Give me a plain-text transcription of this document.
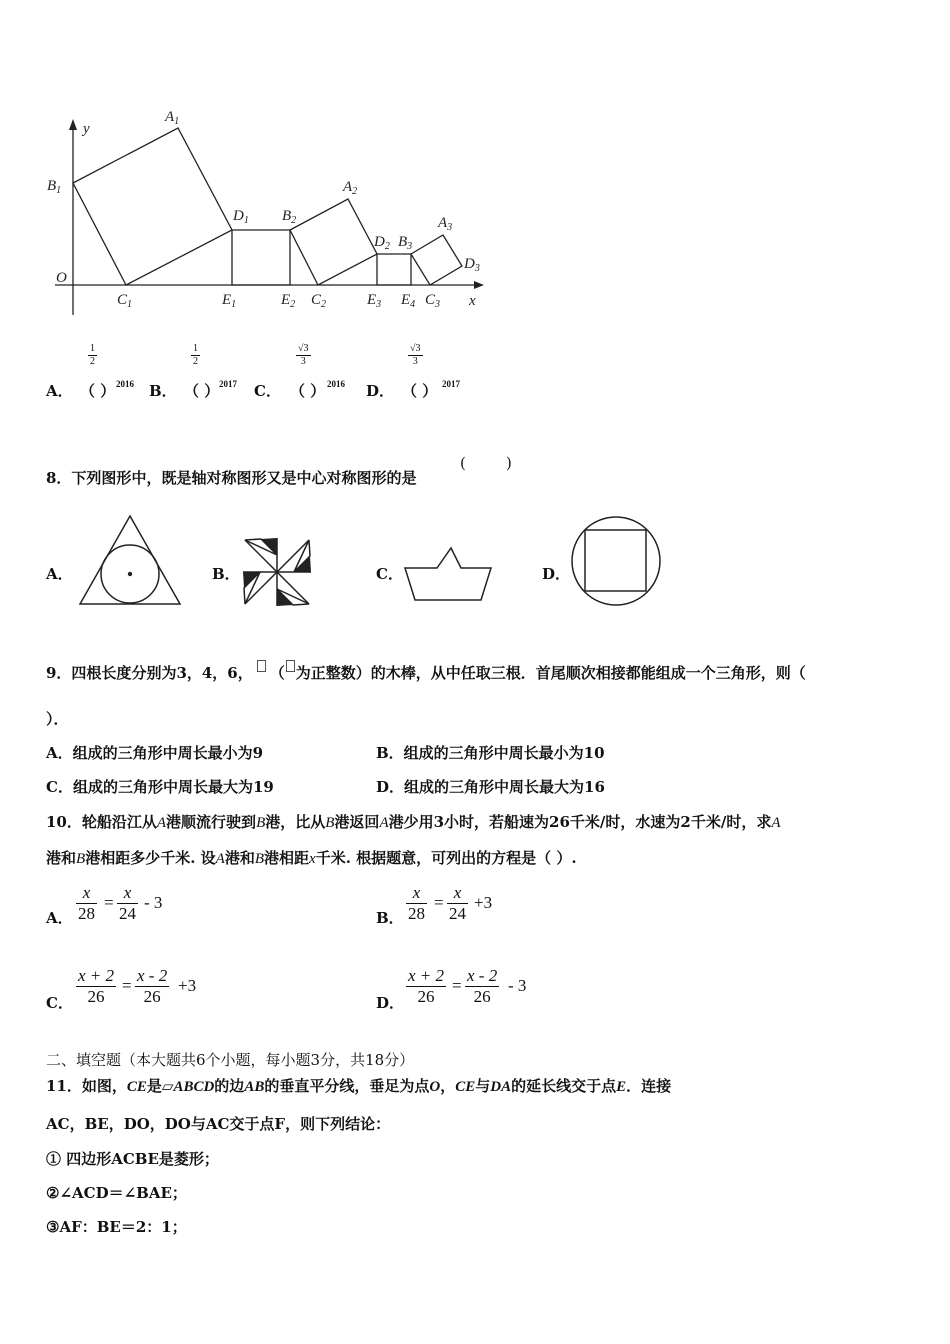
y
x
O
$A_1$
$B_1$
$D_1$ $B_2$
$A_2$
$D_2$ $B_3$
$A_3$
$D_3$
$C_1$	$E_1$	$E_2$ $C_2$	$E_3$ $E_4$ $C_3$
$\frac{1}{2}$
A． （ ） 2016
$\frac{1}{2}$
B． （ ） 2017
$\frac{√3}{3}$
C． （ ） 2016
$\frac{√3}{3}$
D． （ ） 2017
8．下列图形中，既是轴对称图形又是中心对称图形的是
(	)
A．	B．	C．	D．
9．四根长度分别为3，4，6， （ 为正整数）的木棒，从中任取三根．首尾顺次相接都能组成一个三角形，则（
）．
A．组成的三角形中周长最小为9	B．组成的三角形中周长最小为10
C．组成的三角形中周长最大为19	D．组成的三角形中周长最大为16
10．轮船沿江从A港顺流行驶到B港，比从B港返回A港少用3小时，若船速为26千米/时，水速为2千米/时，求A
港和B港相距多少千米. 设A港和B港相距x千米. 根据题意，可列出的方程是（ ）.
A． $\frac{x}{28} = \frac{x}{24} - 3$
B． $\frac{x}{28} = \frac{x}{24} +3$
C． $\frac{x + 2}{26} = \frac{x - 2}{26} +3$
D． $\frac{x + 2}{26} = \frac{x - 2}{26} - 3$
二、填空题（本大题共6个小题，每小题3分，共18分）
11．如图，CE是▱ABCD的边AB的垂直平分线，垂足为点O，CE与DA的延长线交于点E．连接
AC，BE，DO，DO与AC交于点F，则下列结论：
① 四边形ACBE是菱形；
②∠ACD＝∠BAE；
③AF：BE＝2：1；
